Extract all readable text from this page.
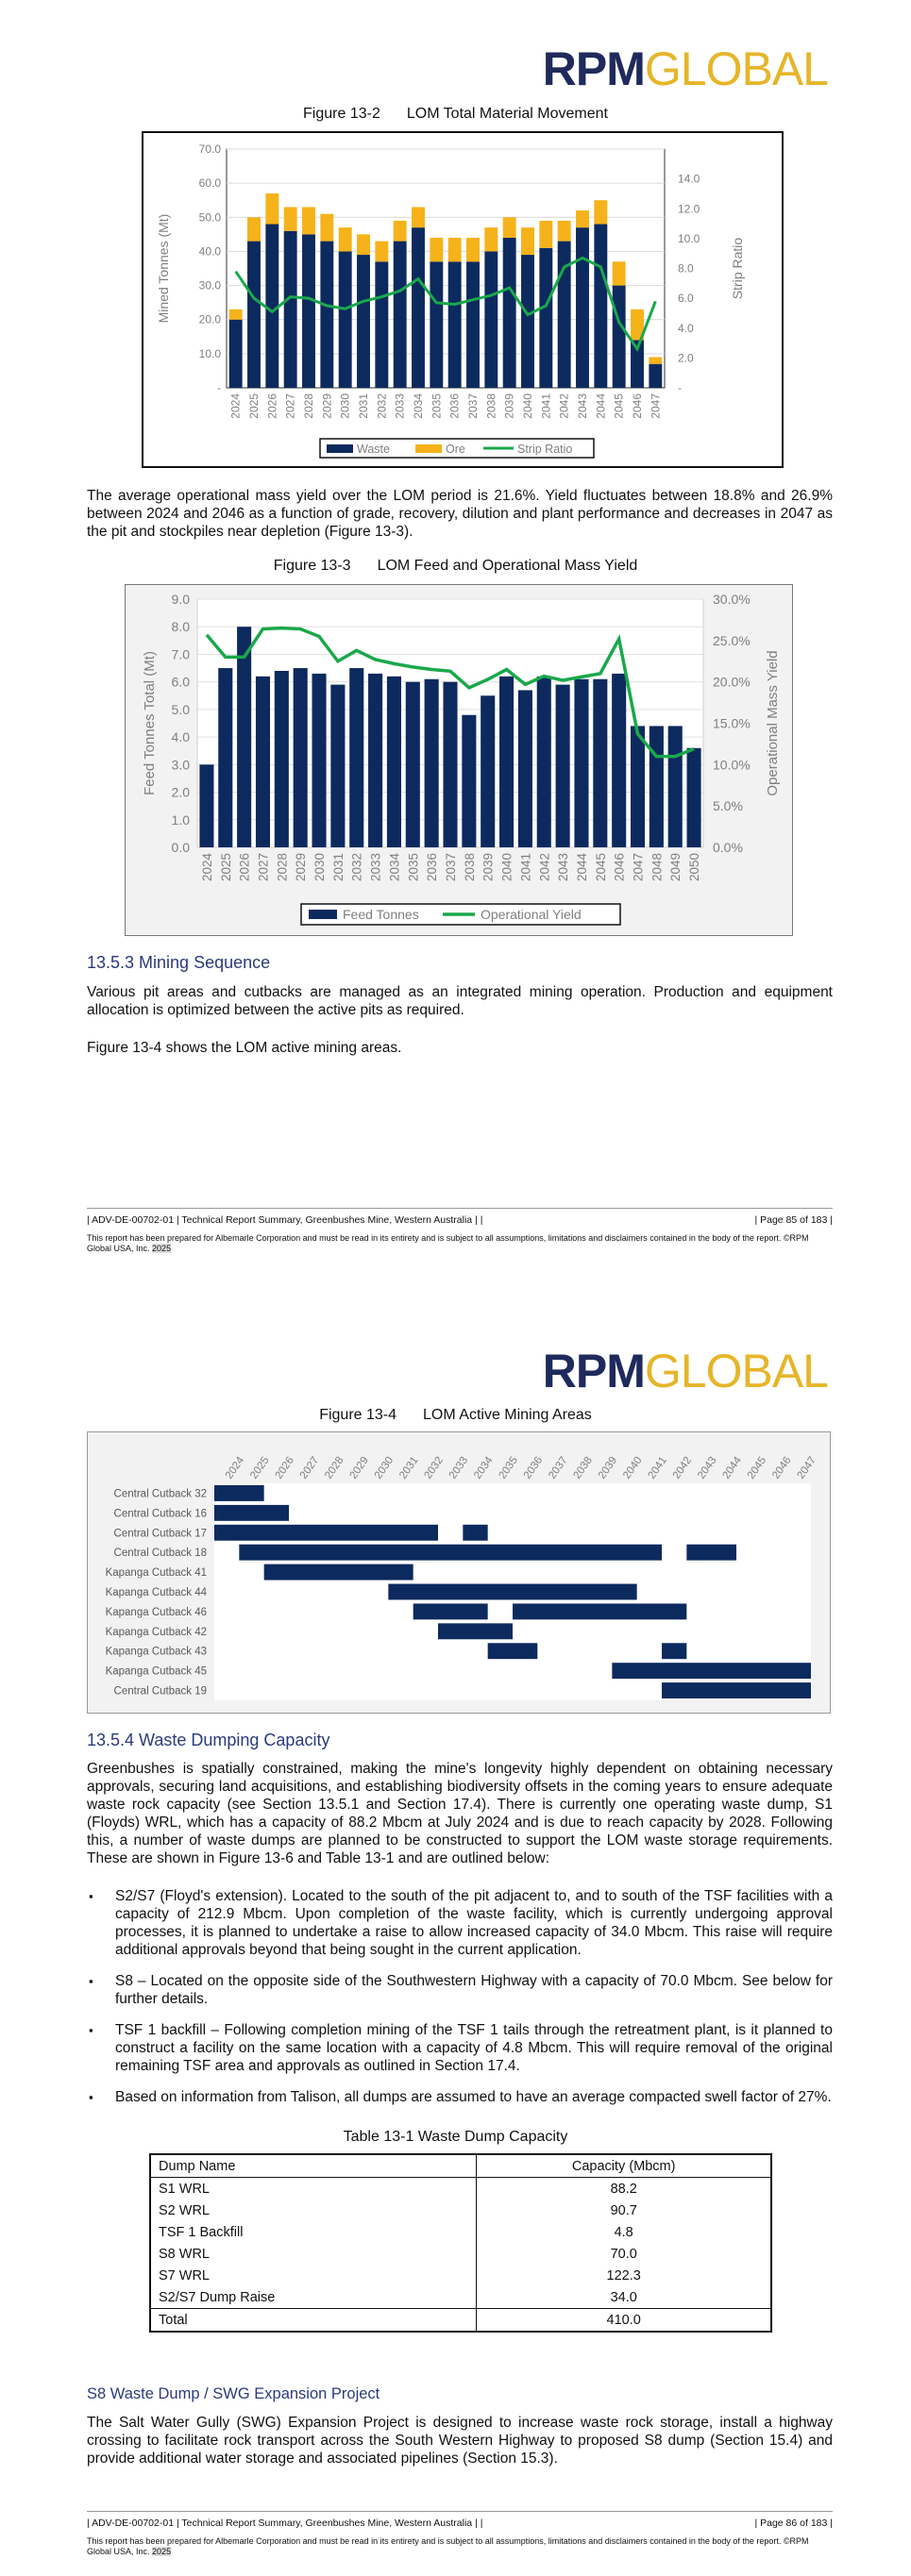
RPMGLOBAL
Figure 13-2 LOM Total Material Movement
-
10.0
20.0
30.0
40.0
50.0
60.0
70.0
-
2.0
4.0
6.0
8.0
10.0
12.0
14.0
Mined Tonnes (Mt)	Strip Ratio
2024 2025 2026 2027 2028 2029 2030 2031 2032 2033 2034 2035 2036 2037 2038 2039 2040 2041 2042 2043 2044 2045 2046 2047
Waste	Ore	Strip Ratio
The average operational mass yield over the LOM period is 21.6%. Yield fluctuates between 18.8% and 26.9% between 2024 and 2046 as a function of grade, recovery, dilution and plant performance and decreases in 2047 as the pit and stockpiles near depletion (Figure 13-3).
Figure 13-3 LOM Feed and Operational Mass Yield
0.0
1.0
2.0
3.0
4.0
5.0
6.0
7.0
8.0
9.0
0.0%
5.0%
10.0%
15.0%
20.0%
25.0%
30.0%
Feed Tonnes Total (Mt)	Operational Mass Yield
2024 2025 2026 2027 2028 2029 2030 2031 2032 2033 2034 2035 2036 2037 2038 2039 2040 2041 2042 2043 2044 2045 2046 2047 2048 2049 2050
Feed Tonnes	Operational Yield
13.5.3 Mining Sequence
Various pit areas and cutbacks are managed as an integrated mining operation. Production and equipment allocation is optimized between the active pits as required.
Figure 13-4 shows the LOM active mining areas.
| ADV-DE-00702-01 | Technical Report Summary, Greenbushes Mine, Western Australia | |	| Page 85 of 183 |
This report has been prepared for Albemarle Corporation and must be read in its entirety and is subject to all assumptions, limitations and disclaimers contained in the body of the report. ©RPM Global USA, Inc. 2025
RPMGLOBAL
Figure 13-4 LOM Active Mining Areas
2024 2025 2026 2027 2028 2029 2030 2031 2032 2033 2034 2035 2036 2037 2038 2039 2040 2041 2042 2043 2044 2045 2046 2047
Central Cutback 32
Central Cutback 16
Central Cutback 17
Central Cutback 18
Kapanga Cutback 41
Kapanga Cutback 44
Kapanga Cutback 46
Kapanga Cutback 42
Kapanga Cutback 43
Kapanga Cutback 45
Central Cutback 19
13.5.4 Waste Dumping Capacity
Greenbushes is spatially constrained, making the mine's longevity highly dependent on obtaining necessary approvals, securing land acquisitions, and establishing biodiversity offsets in the coming years to ensure adequate waste rock capacity (see Section 13.5.1 and Section 17.4). There is currently one operating waste dump, S1 (Floyds) WRL, which has a capacity of 88.2 Mbcm at July 2024 and is due to reach capacity by 2028. Following this, a number of waste dumps are planned to be constructed to support the LOM waste storage requirements. These are shown in Figure 13-6 and Table 13-1 and are outlined below:
▪ S2/S7 (Floyd's extension). Located to the south of the pit adjacent to, and to south of the TSF facilities with a capacity of 212.9 Mbcm. Upon completion of the waste facility, which is currently undergoing approval processes, it is planned to undertake a raise to allow increased capacity of 34.0 Mbcm. This raise will require additional approvals beyond that being sought in the current application.
▪ S8 – Located on the opposite side of the Southwestern Highway with a capacity of 70.0 Mbcm. See below for further details.
▪ TSF 1 backfill – Following completion mining of the TSF 1 tails through the retreatment plant, is it planned to construct a facility on the same location with a capacity of 4.8 Mbcm. This will require removal of the original remaining TSF area and approvals as outlined in Section 17.4.
▪ Based on information from Talison, all dumps are assumed to have an average compacted swell factor of 27%.
Table 13-1 Waste Dump Capacity
Dump Name	Capacity (Mbcm)
S1 WRL	88.2
S2 WRL	90.7
TSF 1 Backfill	4.8
S8 WRL	70.0
S7 WRL	122.3
S2/S7 Dump Raise	34.0
Total	410.0
S8 Waste Dump / SWG Expansion Project
The Salt Water Gully (SWG) Expansion Project is designed to increase waste rock storage, install a highway crossing to facilitate rock transport across the South Western Highway to proposed S8 dump (Section 15.4) and provide additional water storage and associated pipelines (Section 15.3).
| ADV-DE-00702-01 | Technical Report Summary, Greenbushes Mine, Western Australia | |	| Page 86 of 183 |
This report has been prepared for Albemarle Corporation and must be read in its entirety and is subject to all assumptions, limitations and disclaimers contained in the body of the report. ©RPM Global USA, Inc. 2025
